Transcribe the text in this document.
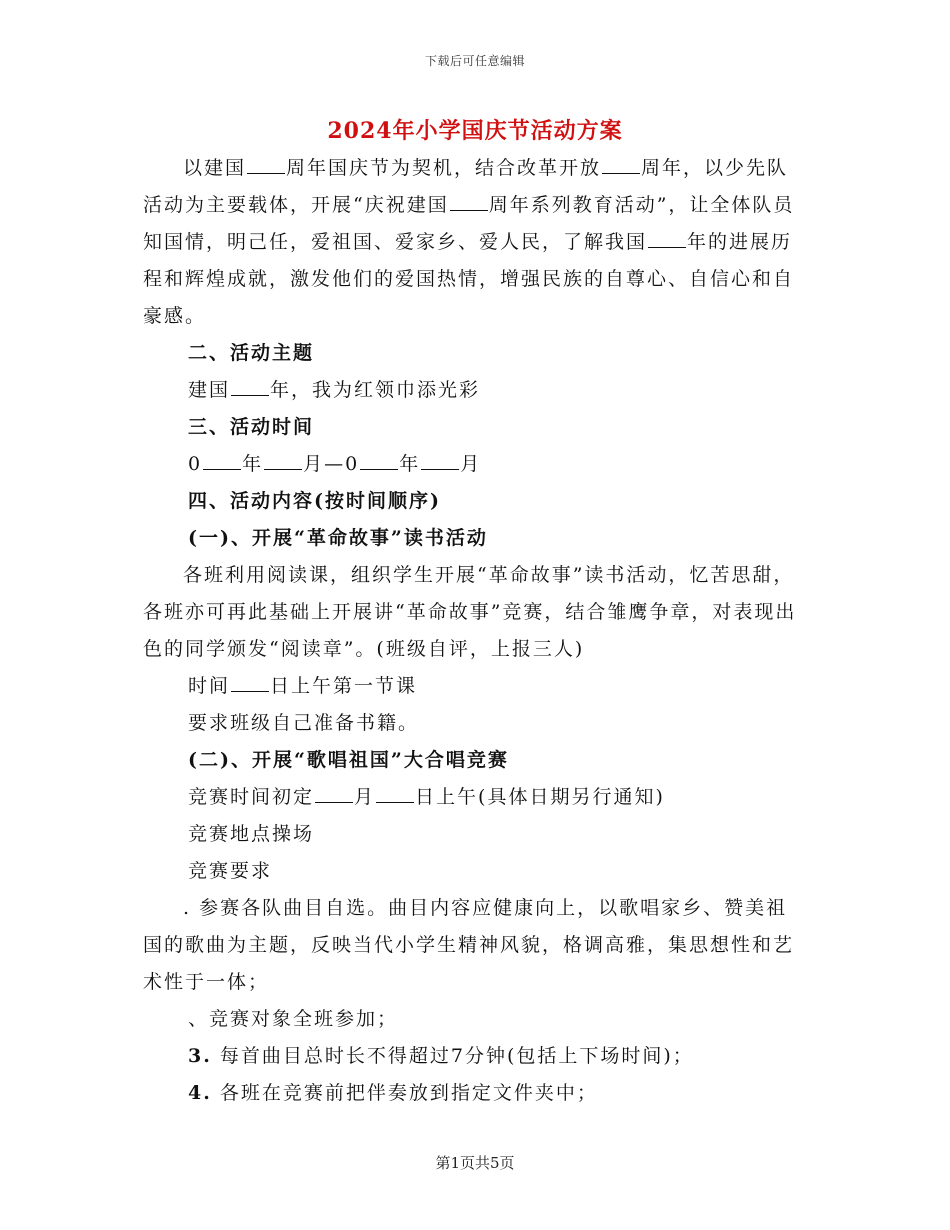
下载后可任意编辑
2024年小学国庆节活动方案
以建国 周年国庆节为契机，结合改革开放 周年，以少先队活动为主要载体，开展“庆祝建国 周年系列教育活动”，让全体队员知国情，明己任，爱祖国、爱家乡、爱人民，了解我国 年的进展历程和辉煌成就，激发他们的爱国热情，增强民族的自尊心、自信心和自豪感。
二、活动主题
建国 年，我为红领巾添光彩
三、活动时间
0 年 月—0 年 月
四、活动内容(按时间顺序)
(一)、开展“革命故事”读书活动
各班利用阅读课，组织学生开展“革命故事”读书活动，忆苦思甜，各班亦可再此基础上开展讲“革命故事”竞赛，结合雏鹰争章，对表现出色的同学颁发“阅读章”。(班级自评，上报三人)
时间 日上午第一节课
要求班级自己准备书籍。
(二)、开展“歌唱祖国”大合唱竞赛
竞赛时间初定 月 日上午(具体日期另行通知)
竞赛地点操场
竞赛要求
. 参赛各队曲目自选。曲目内容应健康向上，以歌唱家乡、赞美祖国的歌曲为主题，反映当代小学生精神风貌，格调高雅，集思想性和艺术性于一体；
、竞赛对象全班参加；
3. 每首曲目总时长不得超过7分钟(包括上下场时间)；
4. 各班在竞赛前把伴奏放到指定文件夹中；
第1页共5页
